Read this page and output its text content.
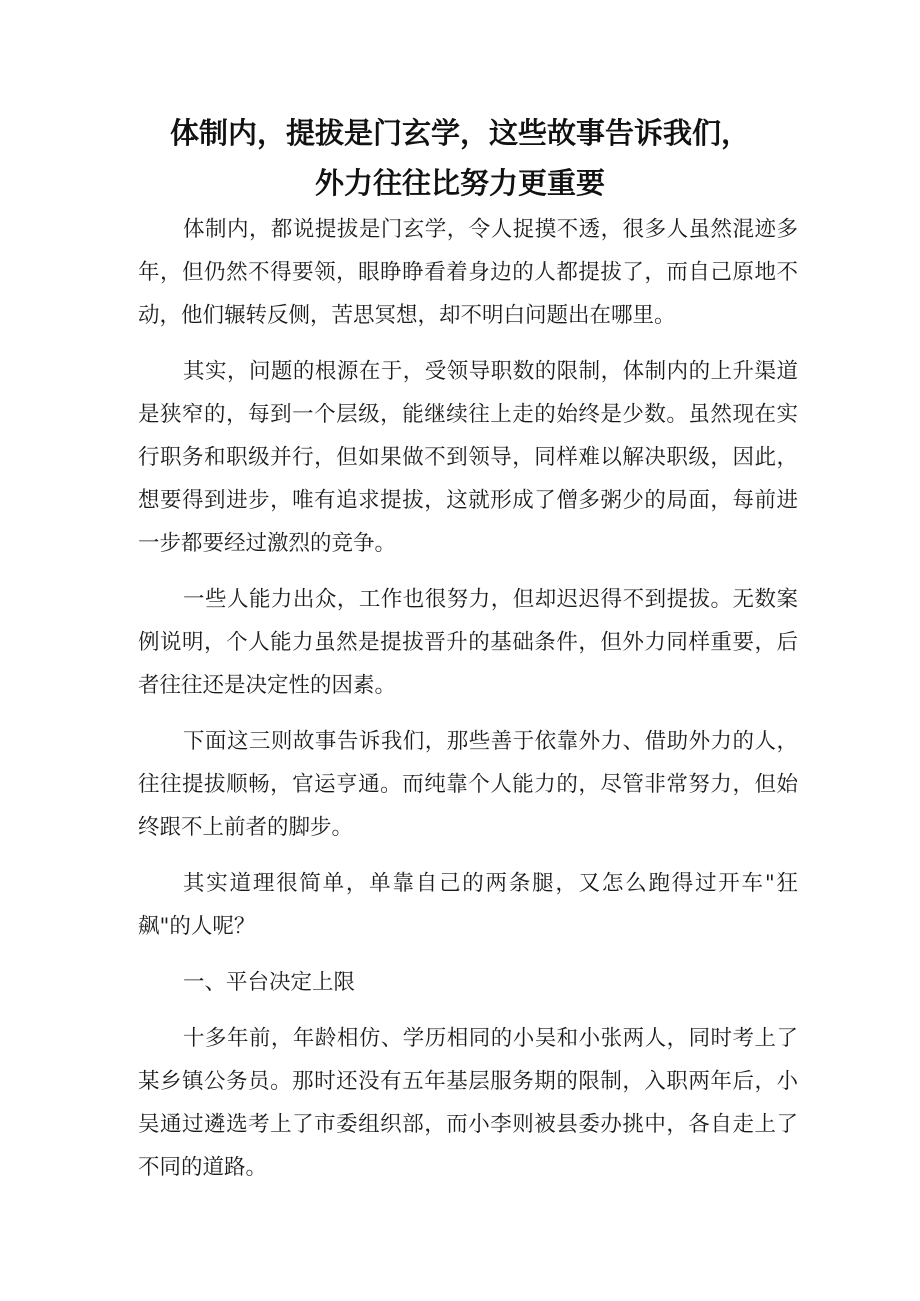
体制内，提拔是门玄学，这些故事告诉我们，
外力往往比努力更重要

体制内，都说提拔是门玄学，令人捉摸不透，很多人虽然混迹多年，但仍然不得要领，眼睁睁看着身边的人都提拔了，而自己原地不动，他们辗转反侧，苦思冥想，却不明白问题出在哪里。

其实，问题的根源在于，受领导职数的限制，体制内的上升渠道是狭窄的，每到一个层级，能继续往上走的始终是少数。虽然现在实行职务和职级并行，但如果做不到领导，同样难以解决职级，因此，想要得到进步，唯有追求提拔，这就形成了僧多粥少的局面，每前进一步都要经过激烈的竞争。

一些人能力出众，工作也很努力，但却迟迟得不到提拔。无数案例说明，个人能力虽然是提拔晋升的基础条件，但外力同样重要，后者往往还是决定性的因素。

下面这三则故事告诉我们，那些善于依靠外力、借助外力的人，往往提拔顺畅，官运亨通。而纯靠个人能力的，尽管非常努力，但始终跟不上前者的脚步。

其实道理很简单，单靠自己的两条腿，又怎么跑得过开车"狂飙"的人呢？

一、平台决定上限

十多年前，年龄相仿、学历相同的小吴和小张两人，同时考上了某乡镇公务员。那时还没有五年基层服务期的限制，入职两年后，小吴通过遴选考上了市委组织部，而小李则被县委办挑中，各自走上了不同的道路。
